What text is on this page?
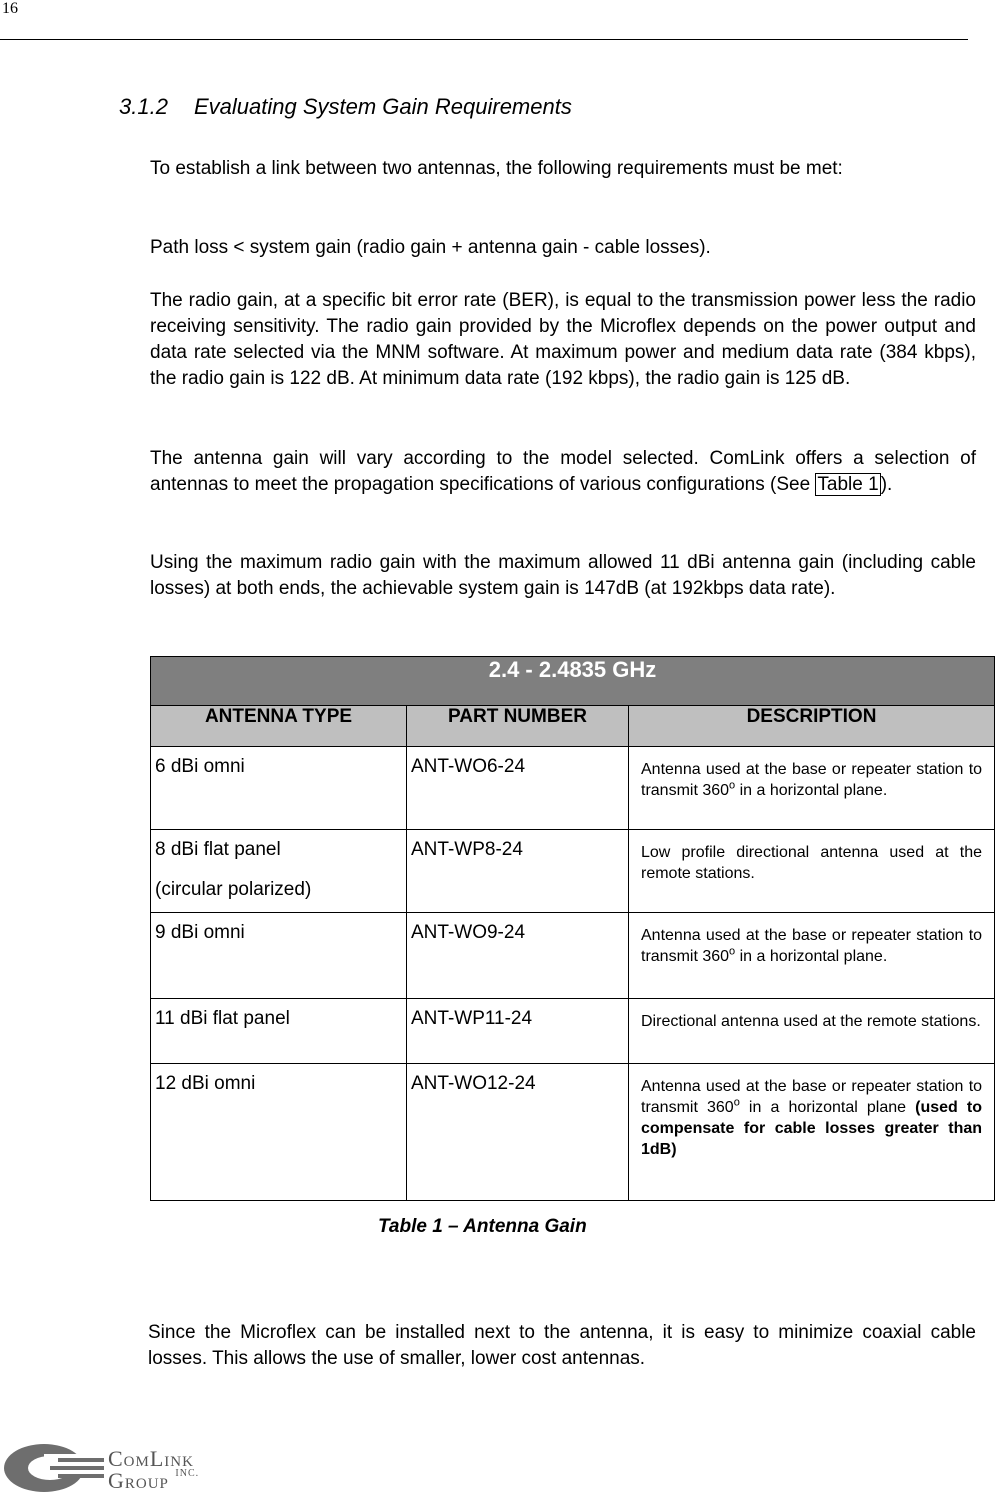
16
3.1.2 Evaluating System Gain Requirements
To establish a link between two antennas, the following requirements must be met:
Path loss < system gain (radio gain + antenna gain - cable losses).
The radio gain, at a specific bit error rate (BER), is equal to the transmission power less the radio receiving sensitivity. The radio gain provided by the Microflex depends on the power output and data rate selected via the MNM software. At maximum power and medium data rate (384 kbps), the radio gain is 122 dB. At minimum data rate (192 kbps), the radio gain is 125 dB.
The antenna gain will vary according to the model selected. ComLink offers a selection of antennas to meet the propagation specifications of various configurations (See Table 1 ).
Using the maximum radio gain with the maximum allowed 11 dBi antenna gain (including cable losses) at both ends, the achievable system gain is 147dB (at 192kbps data rate).
2.4 - 2.4835 GHz		
ANTENNA TYPE	PART NUMBER	DESCRIPTION
6 dBi omni	ANT-WO6-24	Antenna used at the base or repeater station to transmit 360$^o$ in a horizontal plane.
8 dBi flat panel
(circular polarized)	ANT-WP8-24	Low profile directional antenna used at the remote stations.
9 dBi omni	ANT-WO9-24	Antenna used at the base or repeater station to transmit 360$^o$ in a horizontal plane.
11 dBi flat panel	ANT-WP11-24	Directional antenna used at the remote stations.
12 dBi omni	ANT-WO12-24	Antenna used at the base or repeater station to transmit 360$^o$ in a horizontal plane (used to compensate for cable losses greater than 1dB)
Table 1 – Antenna Gain
Since the Microflex can be installed next to the antenna, it is easy to minimize coaxial cable losses. This allows the use of smaller, lower cost antennas.
ComLink
Group $^{INC.}$
